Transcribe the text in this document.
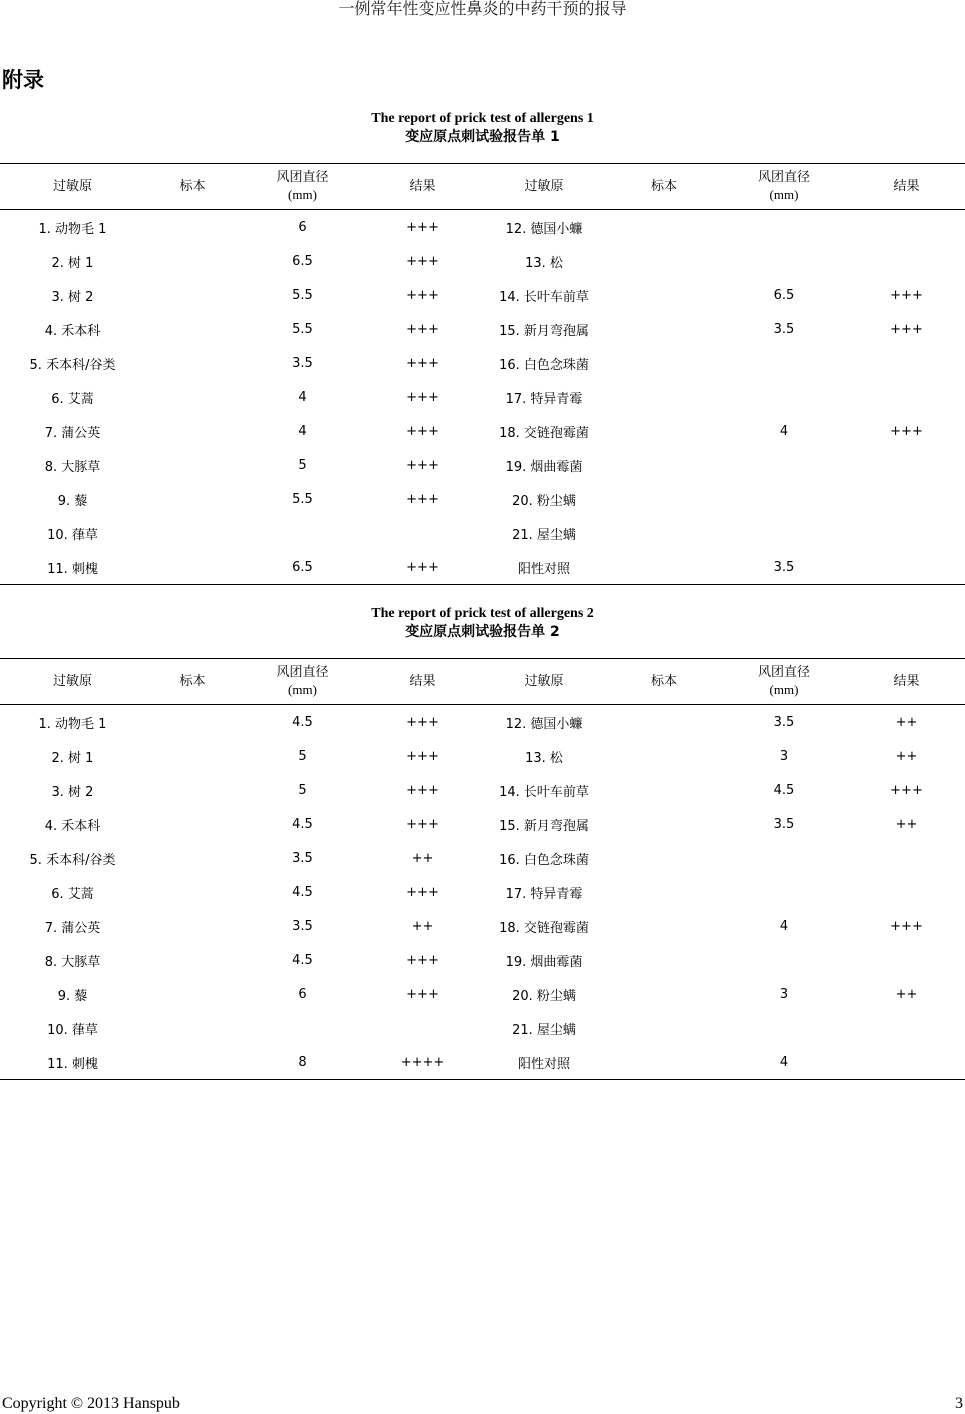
一例常年性变应性鼻炎的中药干预的报导
附录
The report of prick test of allergens 1
变应原点刺试验报告单 1
过敏原	标本	风团直径
(mm)	结果	过敏原	标本	风团直径
(mm)	结果
1. 动物毛 1		6	+++	12. 德国小蠊			
2. 树 1		6.5	+++	13. 松			
3. 树 2		5.5	+++	14. 长叶车前草		6.5	+++
4. 禾本科		5.5	+++	15. 新月弯孢属		3.5	+++
5. 禾本科/谷类		3.5	+++	16. 白色念珠菌			
6. 艾蒿		4	+++	17. 特异青霉			
7. 蒲公英		4	+++	18. 交链孢霉菌		4	+++
8. 大豚草		5	+++	19. 烟曲霉菌			
9. 藜		5.5	+++	20. 粉尘螨			
10. 葎草				21. 屋尘螨			
11. 刺槐		6.5	+++	阳性对照		3.5	
The report of prick test of allergens 2
变应原点刺试验报告单 2
过敏原	标本	风团直径
(mm)	结果	过敏原	标本	风团直径
(mm)	结果
1. 动物毛 1		4.5	+++	12. 德国小蠊		3.5	++
2. 树 1		5	+++	13. 松		3	++
3. 树 2		5	+++	14. 长叶车前草		4.5	+++
4. 禾本科		4.5	+++	15. 新月弯孢属		3.5	++
5. 禾本科/谷类		3.5	++	16. 白色念珠菌			
6. 艾蒿		4.5	+++	17. 特异青霉			
7. 蒲公英		3.5	++	18. 交链孢霉菌		4	+++
8. 大豚草		4.5	+++	19. 烟曲霉菌			
9. 藜		6	+++	20. 粉尘螨		3	++
10. 葎草				21. 屋尘螨			
11. 刺槐		8	++++	阳性对照		4	
Copyright © 2013 Hanspub	3
